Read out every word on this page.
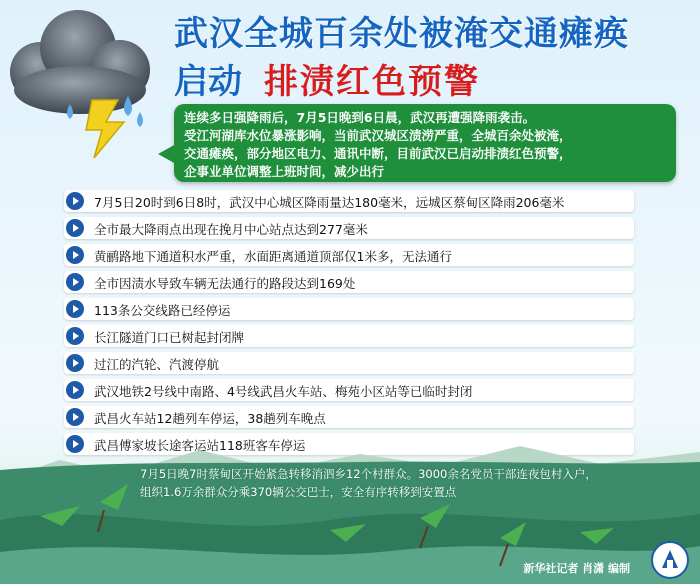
武汉全城百余处被淹交通瘫痪
启动 排渍红色预警
连续多日强降雨后，7月5日晚到6日晨，武汉再遭强降雨袭击。
受江河湖库水位暴涨影响，当前武汉城区渍涝严重，全城百余处被淹，
交通瘫痪，部分地区电力、通讯中断，目前武汉已启动排渍红色预警，
企事业单位调整上班时间，减少出行
7月5日20时到6日8时，武汉中心城区降雨量达180毫米，远城区蔡甸区降雨206毫米
全市最大降雨点出现在挽月中心站点达到277毫米
黄鹂路地下通道积水严重，水面距离通道顶部仅1米多，无法通行
全市因渍水导致车辆无法通行的路段达到169处
113条公交线路已经停运
长江隧道门口已树起封闭牌
过江的汽轮、汽渡停航
武汉地铁2号线中南路、4号线武昌火车站、梅苑小区站等已临时封闭
武昌火车站12趟列车停运，38趟列车晚点
武昌傅家坡长途客运站118班客车停运
7月5日晚7时蔡甸区开始紧急转移消泗乡12个村群众。3000余名党员干部连夜包村入户，
组织1.6万余群众分乘370辆公交巴士，安全有序转移到安置点
新华社记者 肖潇 编制
